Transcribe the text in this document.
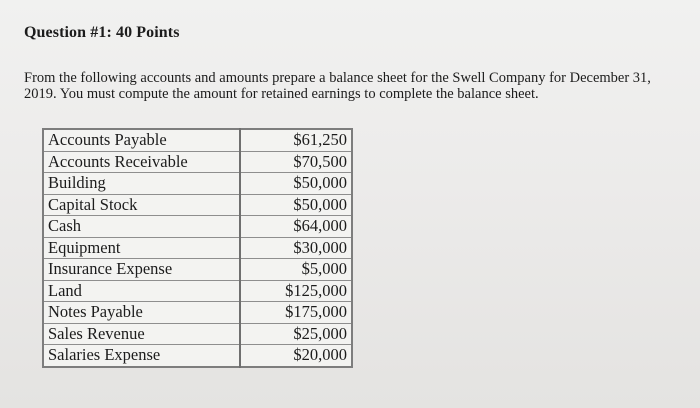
Question #1: 40 Points
From the following accounts and amounts prepare a balance sheet for the Swell Company for December 31, 2019. You must compute the amount for retained earnings to complete the balance sheet.
Accounts Payable	$61,250
Accounts Receivable	$70,500
Building	$50,000
Capital Stock	$50,000
Cash	$64,000
Equipment	$30,000
Insurance Expense	$5,000
Land	$125,000
Notes Payable	$175,000
Sales Revenue	$25,000
Salaries Expense	$20,000
